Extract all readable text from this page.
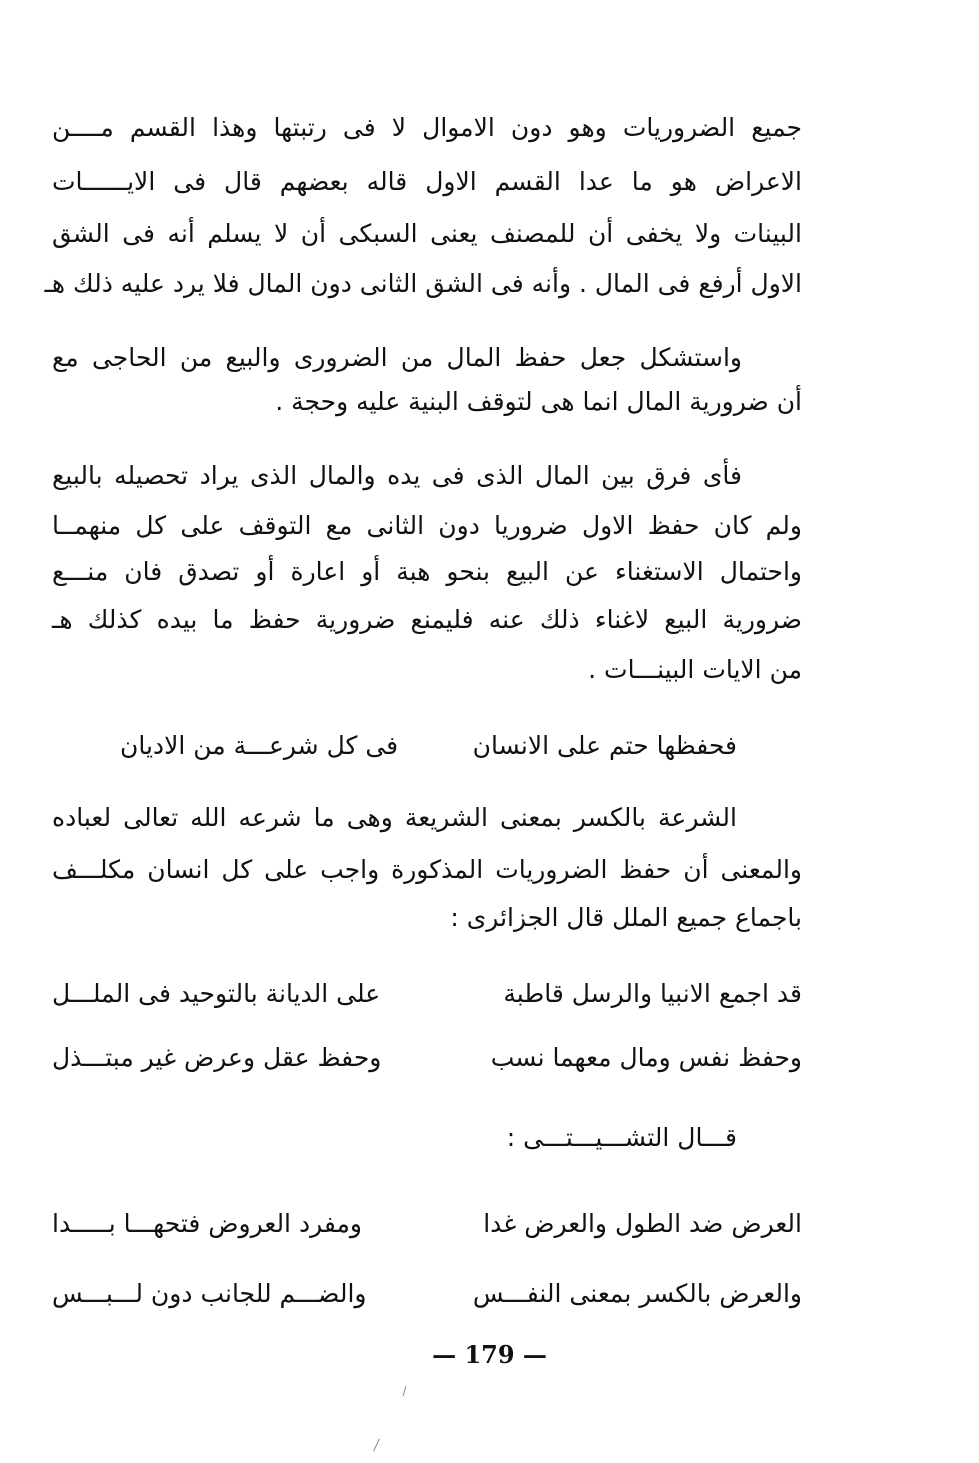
جميع الضروريات وهو دون الاموال لا فى رتبتها وهذا القسم مــــن
الاعراض هو ما عدا القسم الاول قاله بعضهم قال فى الايــــــات
البينات ولا يخفى أن للمصنف يعنى السبكى أن لا يسلم أنه فى الشق
الاول أرفع فى المال . وأنه فى الشق الثانى دون المال فلا يرد عليه ذلك هـ
واستشكل جعل حفظ المال من الضرورى والبيع من الحاجى مع
أن ضرورية المال انما هى لتوقف البنية عليه وحجة .
فأى فرق بين المال الذى فى يده والمال الذى يراد تحصيله بالبيع
ولم كان حفظ الاول ضروريا دون الثانى مع التوقف على كل منهمــا
واحتمال الاستغناء عن البيع بنحو هبة أو اعارة أو تصدق فان منـــع
ضرورية البيع لاغناء ذلك عنه فليمنع ضرورية حفظ ما بيده كذلك هـ
من الايات البينـــات .
فحفظها حتم على الانسان
فى كل شرعـــة من الاديان
الشرعة بالكسر بمعنى الشريعة وهى ما شرعه الله تعالى لعباده
والمعنى أن حفظ الضروريات المذكورة واجب على كل انسان مكلـــف
باجماع جميع الملل قال الجزائرى :
قد اجمع الانبيا والرسل قاطبة
على الديانة بالتوحيد فى الملـــل
وحفظ نفس ومال معهما نسب
وحفظ عقل وعرض غير مبتـــذل
قـــال التشـــيـــتـــى :
العرض ضد الطول والعرض غدا
ومفرد العروض فتحهـــا بـــــدا
والعرض بالكسر بمعنى النفـــس
والضـــم للجانب دون لـــبـــس
— 179 —
